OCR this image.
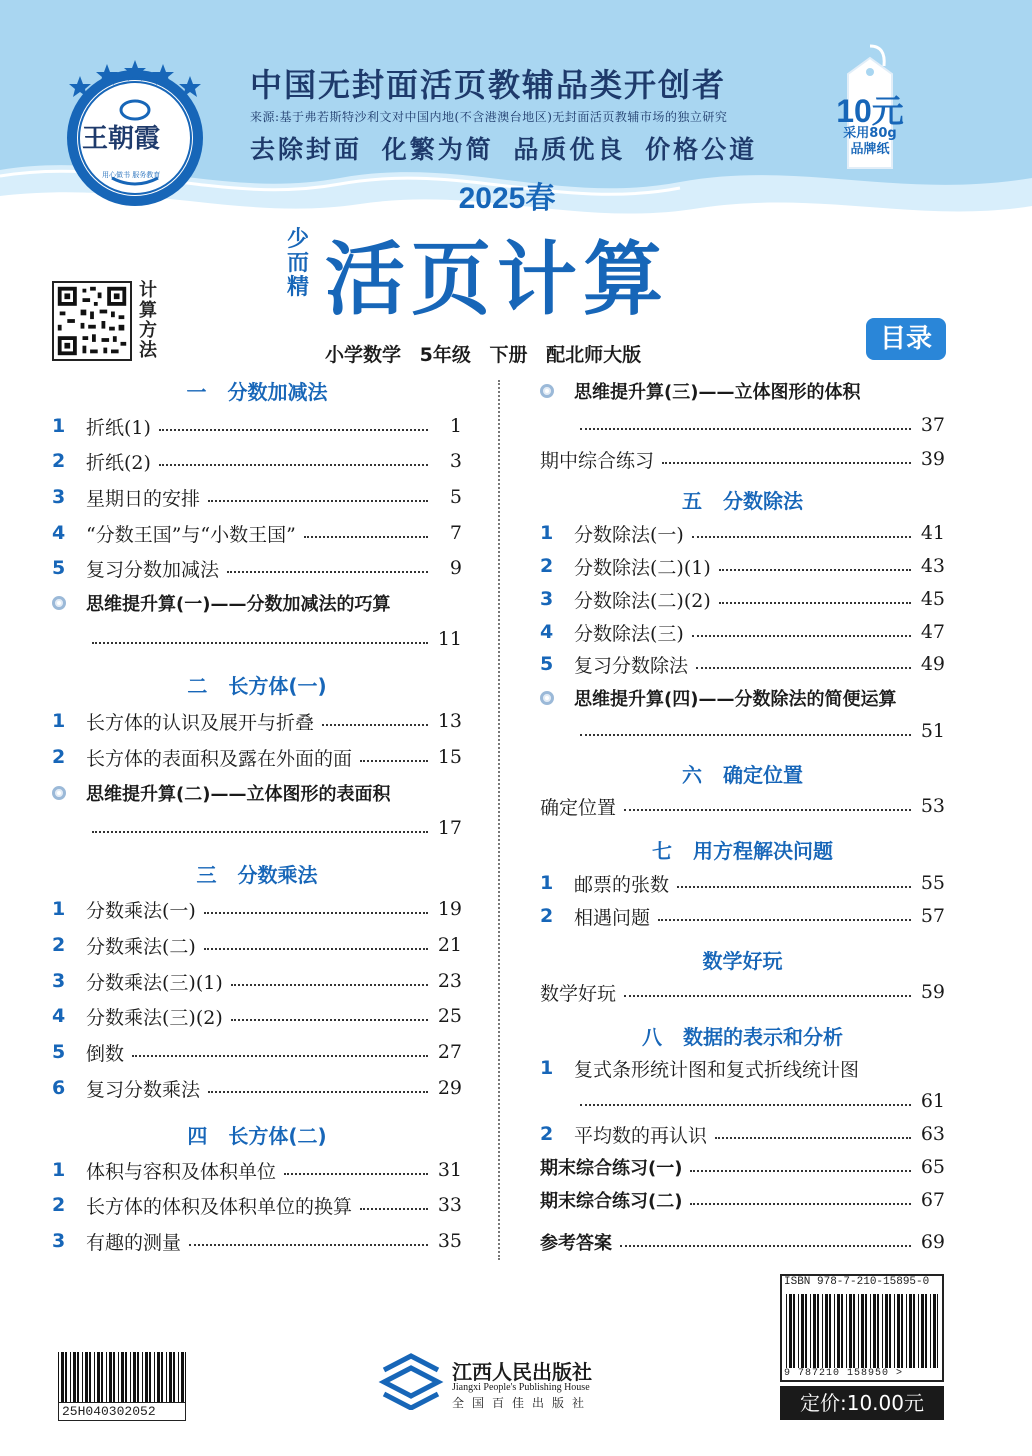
王朝霞
用心做书 服务教育
中国无封面活页教辅品类开创者
来源:基于弗若斯特沙利文对中国内地(不含港澳台地区)无封面活页教辅市场的独立研究
去除封面 化繁为简 品质优良 价格公道
2025春
10元
采用80g
品牌纸
少
而
精 活页计算
小学数学 5年级 下册 配北师大版
目录
计
算
方
法
一 分数加减法
1	折纸(1)	1
2	折纸(2)	3
3	星期日的安排	5
4	“分数王国”与“小数王国”	7
5	复习分数加减法	9
思维提升算(一)——分数加减法的巧算
11
二 长方体(一)
1	长方体的认识及展开与折叠	13
2	长方体的表面积及露在外面的面	15
思维提升算(二)——立体图形的表面积
17
三 分数乘法
1	分数乘法(一)	19
2	分数乘法(二)	21
3	分数乘法(三)(1)	23
4	分数乘法(三)(2)	25
5	倒数	27
6	复习分数乘法	29
四 长方体(二)
1	体积与容积及体积单位	31
2	长方体的体积及体积单位的换算	33
3	有趣的测量	35
思维提升算(三)——立体图形的体积
37
期中综合练习	39
五 分数除法
1	分数除法(一)	41
2	分数除法(二)(1)	43
3	分数除法(二)(2)	45
4	分数除法(三)	47
5	复习分数除法	49
思维提升算(四)——分数除法的简便运算
51
六 确定位置
确定位置	53
七 用方程解决问题
1	邮票的张数	55
2	相遇问题	57
数学好玩
数学好玩	59
八 数据的表示和分析
1	复式条形统计图和复式折线统计图
61
2	平均数的再认识	63
期末综合练习(一)	65
期末综合练习(二)	67
参考答案	69
25H040302052
江西人民出版社
Jiangxi People's Publishing House
全国百佳出版社
ISBN 978-7-210-15895-0
9 787210 158950 >
定价:10.00元
